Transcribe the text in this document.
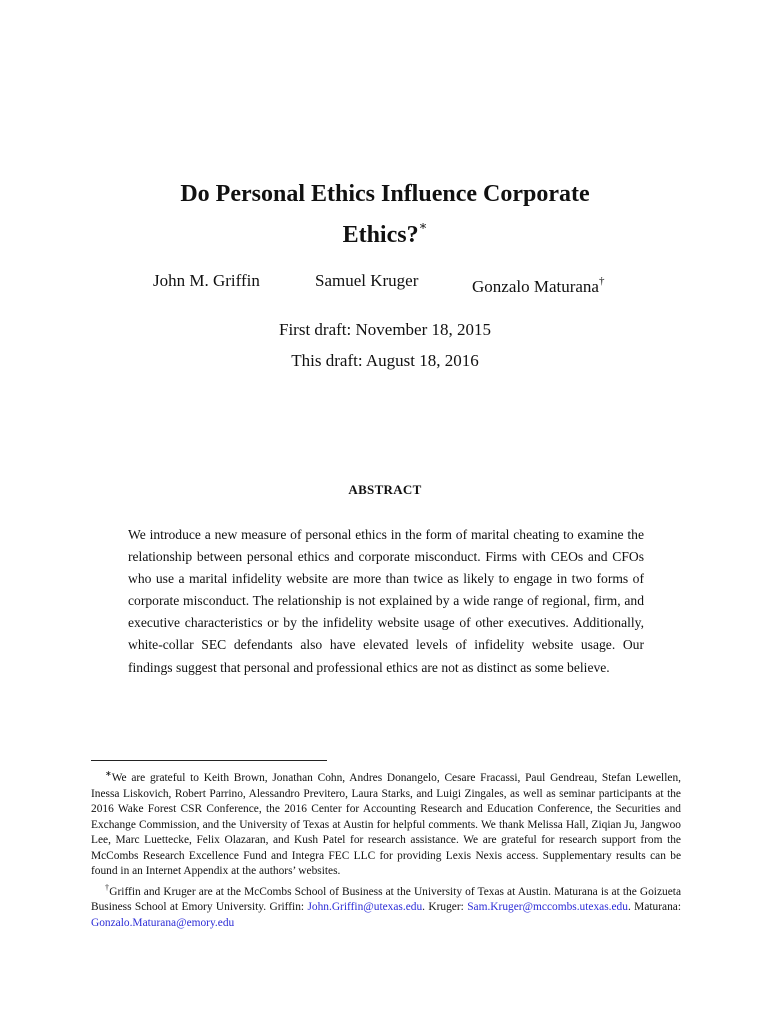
Do Personal Ethics Influence Corporate
Ethics?∗
John M. Griffin	Samuel Kruger	Gonzalo Maturana†
First draft: November 18, 2015
This draft: August 18, 2016
ABSTRACT

We introduce a new measure of personal ethics in the form of marital cheating to examine the relationship between personal ethics and corporate misconduct. Firms with CEOs and CFOs who use a marital infidelity website are more than twice as likely to engage in two forms of corporate misconduct. The relationship is not explained by a wide range of regional, firm, and executive characteristics or by the infidelity website usage of other executives. Additionally, white-collar SEC defendants also have elevated levels of infidelity website usage. Our findings suggest that personal and professional ethics are not as distinct as some believe.

∗We are grateful to Keith Brown, Jonathan Cohn, Andres Donangelo, Cesare Fracassi, Paul Gendreau, Stefan Lewellen, Inessa Liskovich, Robert Parrino, Alessandro Previtero, Laura Starks, and Luigi Zingales, as well as seminar participants at the 2016 Wake Forest CSR Conference, the 2016 Center for Accounting Research and Education Conference, the Securities and Exchange Commission, and the University of Texas at Austin for helpful comments. We thank Melissa Hall, Ziqian Ju, Jangwoo Lee, Marc Luettecke, Felix Olazaran, and Kush Patel for research assistance. We are grateful for research support from the McCombs Research Excellence Fund and Integra FEC LLC for providing Lexis Nexis access. Supplementary results can be found in an Internet Appendix at the authors’ websites.

†Griffin and Kruger are at the McCombs School of Business at the University of Texas at Austin. Maturana is at the Goizueta Business School at Emory University. Griffin: John.Griffin@utexas.edu. Kruger: Sam.Kruger@mccombs.utexas.edu. Maturana: Gonzalo.Maturana@emory.edu
